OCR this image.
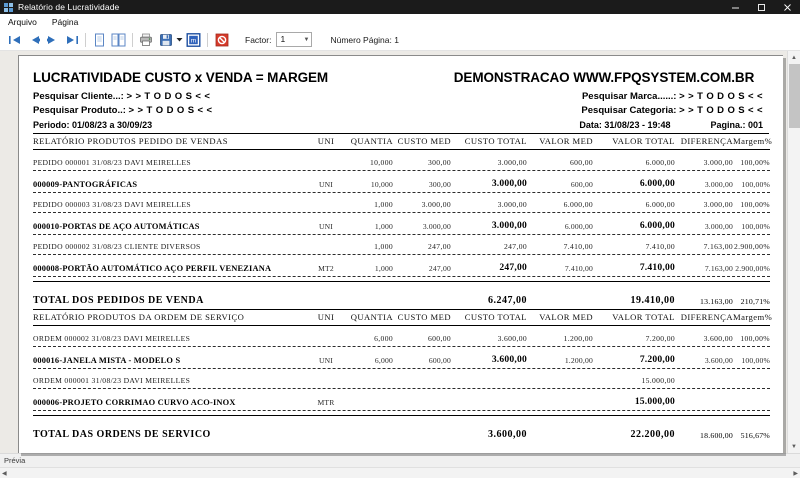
Relatório de Lucratividade
Arquivo Página
m	Factor: 1	▼ Número Página: 1
LUCRATIVIDADE CUSTO x VENDA = MARGEM
Pesquisar Cliente...: > > T O D O S < <
Pesquisar Produto..: > > T O D O S < <
DEMONSTRACAO WWW.FPQSYSTEM.COM.BR
Pesquisar Marca......: > > T O D O S < <
Pesquisar Categoria: > > T O D O S < <
Periodo: 01/08/23 a 30/09/23	Data: 31/08/23 - 19:48	Pagina.: 001
RELATÓRIO PRODUTOS PEDIDO DE VENDAS	UNI	QUANTIA	CUSTO MED	CUSTO TOTAL	VALOR MED	VALOR TOTAL	DIFERENÇA	Margem%

PEDIDO 000001 31/08/23 DAVI MEIRELLES		10,000	300,00	3.000,00	600,00	6.000,00	3.000,00	100,00%

000009-PANTOGRÁFICAS	UNI	10,000	300,00	3.000,00	600,00	6.000,00	3.000,00	100,00%

PEDIDO 000003 31/08/23 DAVI MEIRELLES		1,000	3.000,00	3.000,00	6.000,00	6.000,00	3.000,00	100,00%

000010-PORTAS DE AÇO AUTOMÁTICAS	UNI	1,000	3.000,00	3.000,00	6.000,00	6.000,00	3.000,00	100,00%

PEDIDO 000002 31/08/23 CLIENTE DIVERSOS		1,000	247,00	247,00	7.410,00	7.410,00	7.163,00	2.900,00%

000008-PORTÃO AUTOMÁTICO AÇO PERFIL VENEZIANA	MT2	1,000	247,00	247,00	7.410,00	7.410,00	7.163,00	2.900,00%

TOTAL DOS PEDIDOS DE VENDA				6.247,00		19.410,00	13.163,00	210,71%

RELATÓRIO PRODUTOS DA ORDEM DE SERVIÇO	UNI	QUANTIA	CUSTO MED	CUSTO TOTAL	VALOR MED	VALOR TOTAL	DIFERENÇA	Margem%

ORDEM 000002 31/08/23 DAVI MEIRELLES		6,000	600,00	3.600,00	1.200,00	7.200,00	3.600,00	100,00%

000016-JANELA MISTA - MODELO S	UNI	6,000	600,00	3.600,00	1.200,00	7.200,00	3.600,00	100,00%

ORDEM 000001 31/08/23 DAVI MEIRELLES						15.000,00		

000006-PROJETO CORRIMAO CURVO ACO-INOX	MTR					15.000,00		

TOTAL DAS ORDENS DE SERVICO				3.600,00		22.200,00	18.600,00	516,67%
▲
▼
Prévia
◀	▶
